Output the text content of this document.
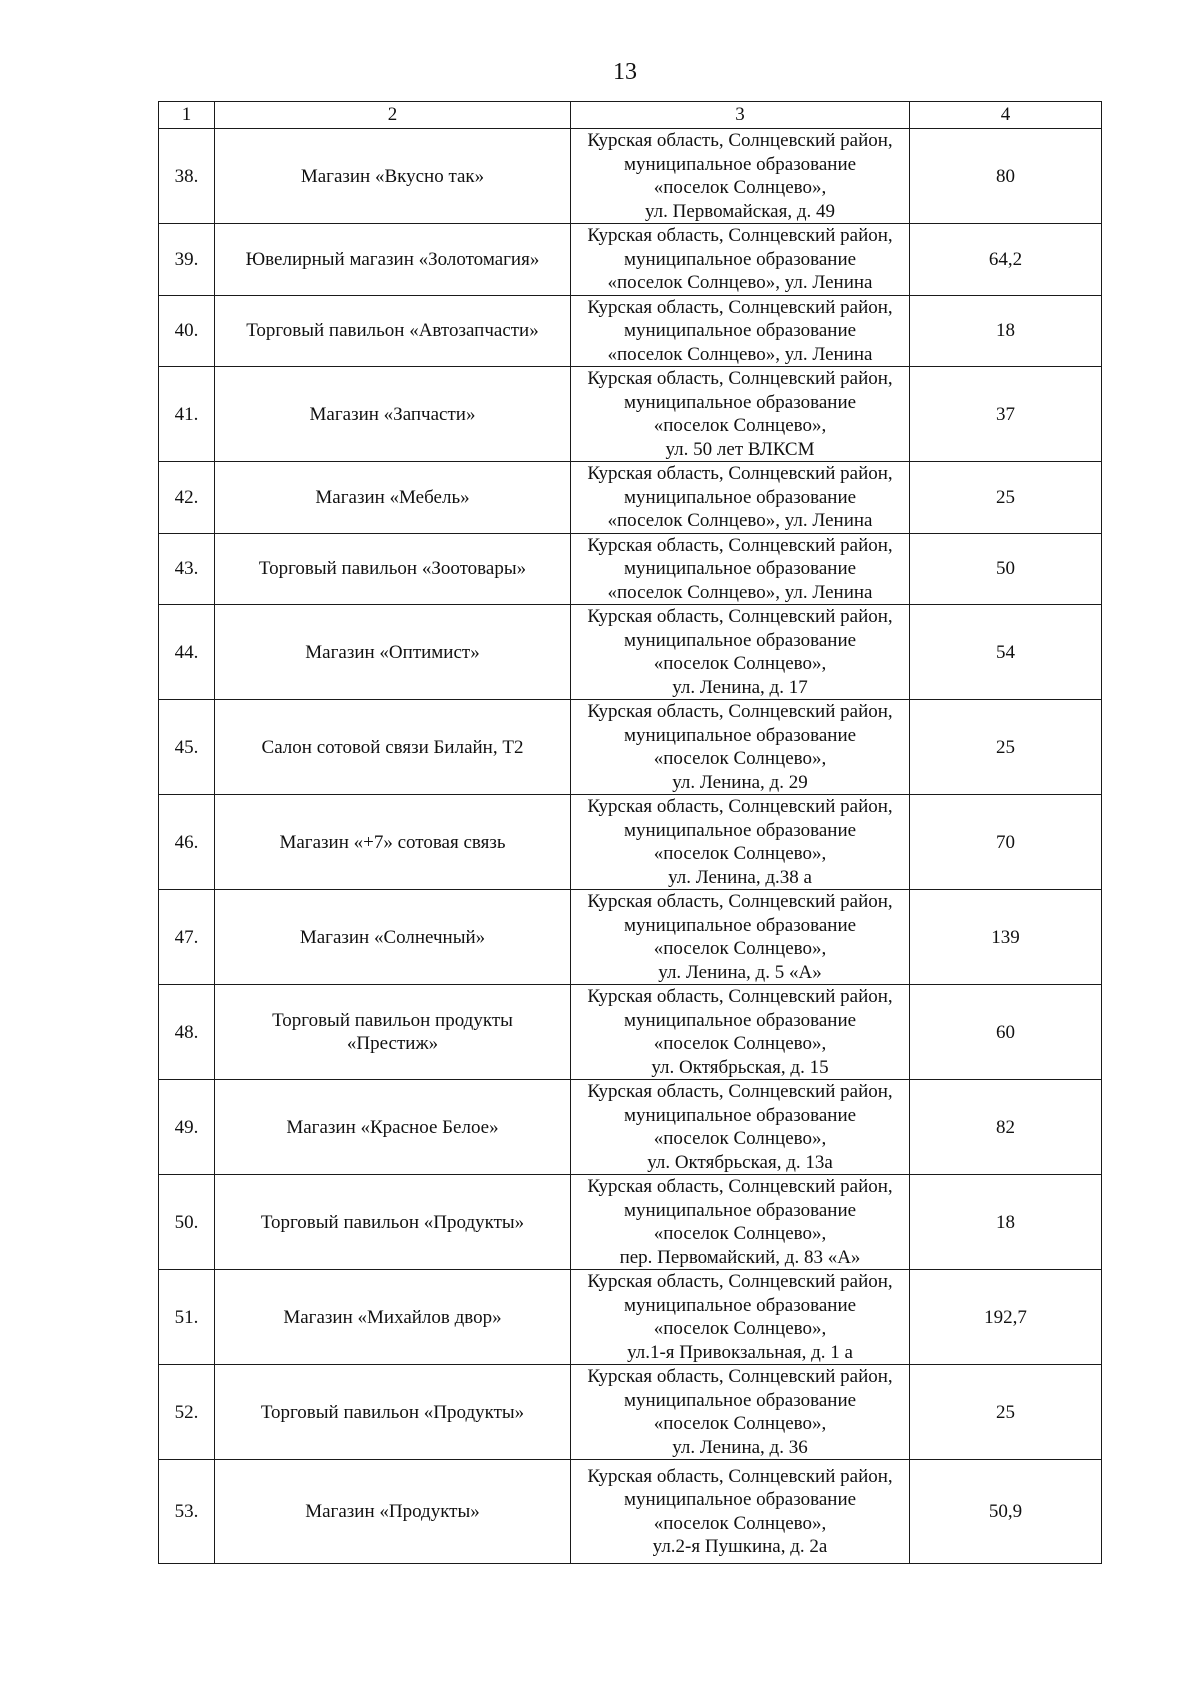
13
1	2	3	4
38.	Магазин «Вкусно так»	Курская область, Солнцевский район,
муниципальное образование
«поселок Солнцево»,
ул. Первомайская, д. 49	80
39.	Ювелирный магазин «Золотомагия»	Курская область, Солнцевский район,
муниципальное образование
«поселок Солнцево», ул. Ленина	64,2
40.	Торговый павильон «Автозапчасти»	Курская область, Солнцевский район,
муниципальное образование
«поселок Солнцево», ул. Ленина	18
41.	Магазин «Запчасти»	Курская область, Солнцевский район,
муниципальное образование
«поселок Солнцево»,
ул. 50 лет ВЛКСМ	37
42.	Магазин «Мебель»	Курская область, Солнцевский район,
муниципальное образование
«поселок Солнцево», ул. Ленина	25
43.	Торговый павильон «Зоотовары»	Курская область, Солнцевский район,
муниципальное образование
«поселок Солнцево», ул. Ленина	50
44.	Магазин «Оптимист»	Курская область, Солнцевский район,
муниципальное образование
«поселок Солнцево»,
ул. Ленина, д. 17	54
45.	Салон сотовой связи Билайн, Т2	Курская область, Солнцевский район,
муниципальное образование
«поселок Солнцево»,
ул. Ленина, д. 29	25
46.	Магазин «+7» сотовая связь	Курская область, Солнцевский район,
муниципальное образование
«поселок Солнцево»,
ул. Ленина, д.38 а	70
47.	Магазин «Солнечный»	Курская область, Солнцевский район,
муниципальное образование
«поселок Солнцево»,
ул. Ленина, д. 5 «А»	139
48.	Торговый павильон продукты
«Престиж»	Курская область, Солнцевский район,
муниципальное образование
«поселок Солнцево»,
ул. Октябрьская, д. 15	60
49.	Магазин «Красное Белое»	Курская область, Солнцевский район,
муниципальное образование
«поселок Солнцево»,
ул. Октябрьская, д. 13а	82
50.	Торговый павильон «Продукты»	Курская область, Солнцевский район,
муниципальное образование
«поселок Солнцево»,
пер. Первомайский, д. 83 «А»	18
51.	Магазин «Михайлов двор»	Курская область, Солнцевский район,
муниципальное образование
«поселок Солнцево»,
ул.1-я Привокзальная, д. 1 а	192,7
52.	Торговый павильон «Продукты»	Курская область, Солнцевский район,
муниципальное образование
«поселок Солнцево»,
ул. Ленина, д. 36	25
53.	Магазин «Продукты»	Курская область, Солнцевский район,
муниципальное образование
«поселок Солнцево»,
ул.2-я Пушкина, д. 2а	50,9
